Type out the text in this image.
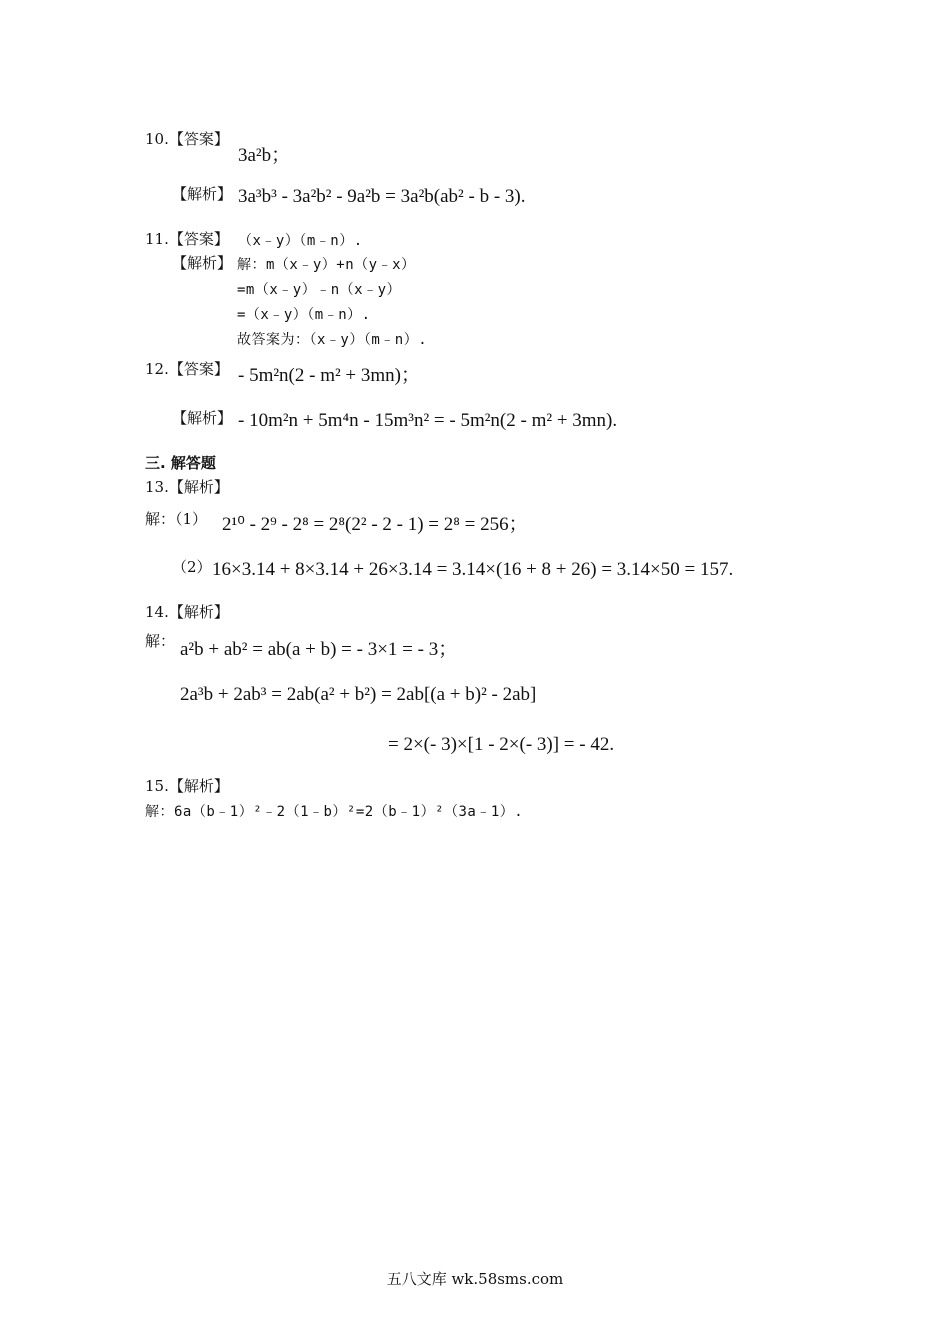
10.【答案】
3a²b；
【解析】 3a³b³ - 3a²b² - 9a²b = 3a²b(ab² - b - 3).
11.【答案】 （x﹣y）（m﹣n）.
【解析】 解：m（x﹣y）+n（y﹣x）
=m（x﹣y）﹣n（x﹣y）
=（x﹣y）（m﹣n）.
故答案为：（x﹣y）（m﹣n）.
12.【答案】 - 5m²n(2 - m² + 3mn)；
【解析】 - 10m²n + 5m⁴n - 15m³n² = - 5m²n(2 - m² + 3mn).
三. 解答题
13.【解析】
解：（1） 2¹⁰ - 2⁹ - 2⁸ = 2⁸(2² - 2 - 1) = 2⁸ = 256；
（2） 16×3.14 + 8×3.14 + 26×3.14 = 3.14×(16 + 8 + 26) = 3.14×50 = 157.
14.【解析】
解： a²b + ab² = ab(a + b) = - 3×1 = - 3；
2a³b + 2ab³ = 2ab(a² + b²) = 2ab[(a + b)² - 2ab]
= 2×(- 3)×[1 - 2×(- 3)] = - 42.
15.【解析】
解：6a（b﹣1）²﹣2（1﹣b）²=2（b﹣1）²（3a﹣1）.
五八文库 wk.58sms.com
